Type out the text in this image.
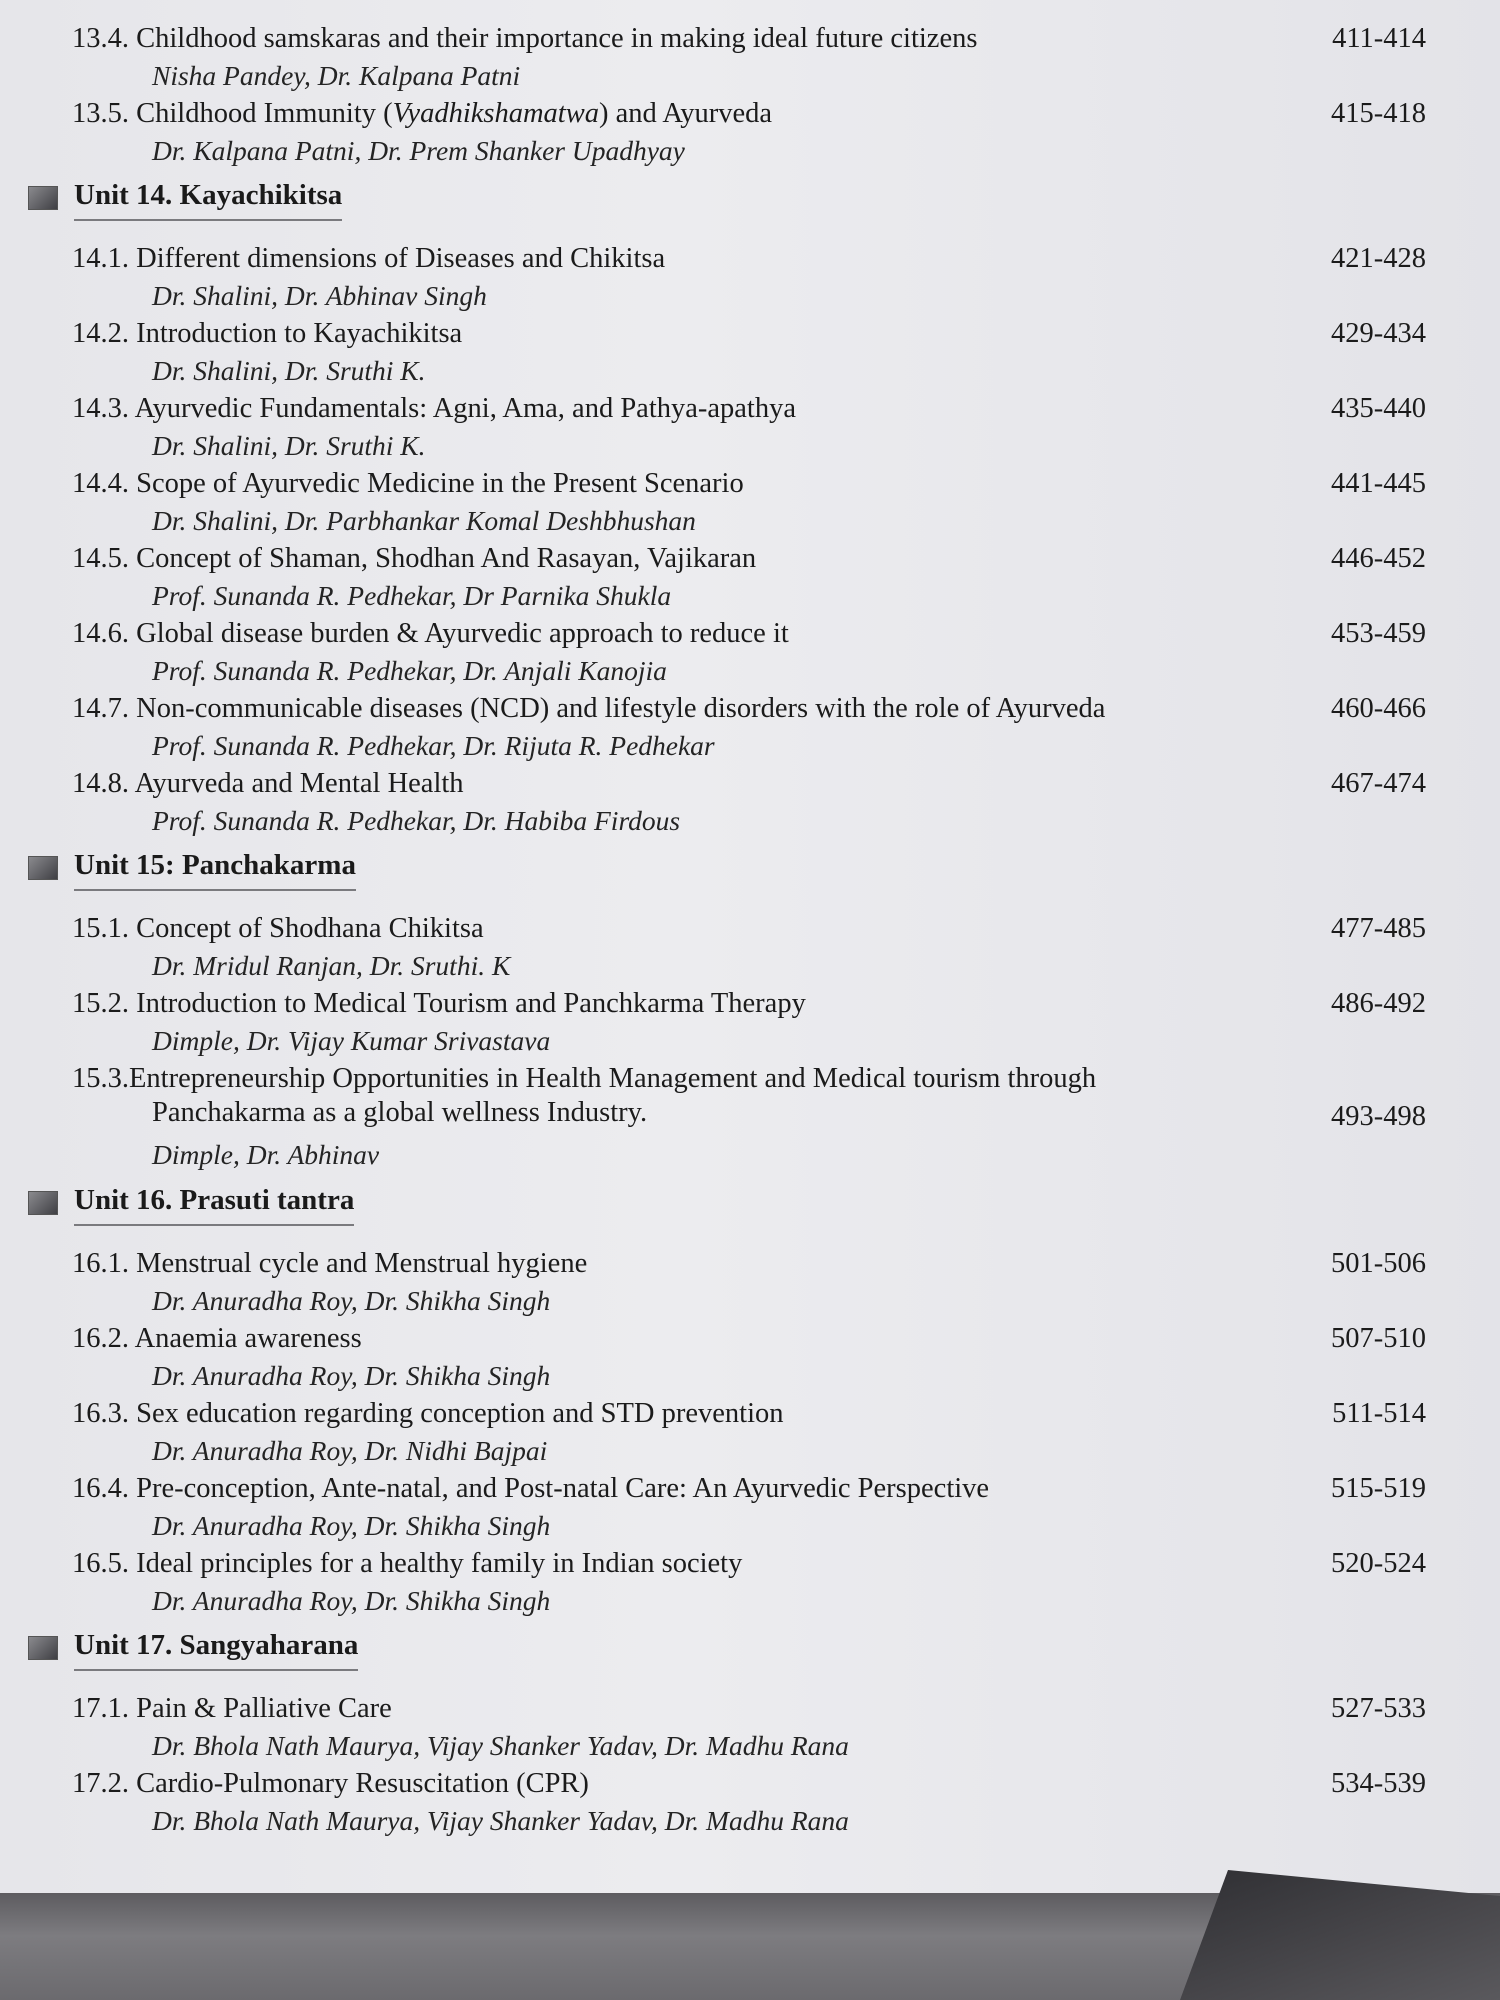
13.4. Childhood samskaras and their importance in making ideal future citizens	411-414
Nisha Pandey, Dr. Kalpana Patni
13.5. Childhood Immunity (Vyadhikshamatwa) and Ayurveda	415-418
Dr. Kalpana Patni, Dr. Prem Shanker Upadhyay
Unit 14. Kayachikitsa
14.1. Different dimensions of Diseases and Chikitsa	421-428
Dr. Shalini, Dr. Abhinav Singh
14.2. Introduction to Kayachikitsa	429-434
Dr. Shalini, Dr. Sruthi K.
14.3. Ayurvedic Fundamentals: Agni, Ama, and Pathya-apathya	435-440
Dr. Shalini, Dr. Sruthi K.
14.4. Scope of Ayurvedic Medicine in the Present Scenario	441-445
Dr. Shalini, Dr. Parbhankar Komal Deshbhushan
14.5. Concept of Shaman, Shodhan And Rasayan, Vajikaran	446-452
Prof. Sunanda R. Pedhekar, Dr Parnika Shukla
14.6. Global disease burden & Ayurvedic approach to reduce it	453-459
Prof. Sunanda R. Pedhekar, Dr. Anjali Kanojia
14.7. Non-communicable diseases (NCD) and lifestyle disorders with the role of Ayurveda	460-466
Prof. Sunanda R. Pedhekar, Dr. Rijuta R. Pedhekar
14.8. Ayurveda and Mental Health	467-474
Prof. Sunanda R. Pedhekar, Dr. Habiba Firdous
Unit 15: Panchakarma
15.1. Concept of Shodhana Chikitsa	477-485
Dr. Mridul Ranjan, Dr. Sruthi. K
15.2. Introduction to Medical Tourism and Panchkarma Therapy	486-492
Dimple, Dr. Vijay Kumar Srivastava
15.3.Entrepreneurship Opportunities in Health Management and Medical tourism through
Panchakarma as a global wellness Industry.	493-498
Dimple, Dr. Abhinav
Unit 16. Prasuti tantra
16.1. Menstrual cycle and Menstrual hygiene	501-506
Dr. Anuradha Roy, Dr. Shikha Singh
16.2. Anaemia awareness	507-510
Dr. Anuradha Roy, Dr. Shikha Singh
16.3. Sex education regarding conception and STD prevention	511-514
Dr. Anuradha Roy, Dr. Nidhi Bajpai
16.4. Pre-conception, Ante-natal, and Post-natal Care: An Ayurvedic Perspective	515-519
Dr. Anuradha Roy, Dr. Shikha Singh
16.5. Ideal principles for a healthy family in Indian society	520-524
Dr. Anuradha Roy, Dr. Shikha Singh
Unit 17. Sangyaharana
17.1. Pain & Palliative Care	527-533
Dr. Bhola Nath Maurya, Vijay Shanker Yadav, Dr. Madhu Rana
17.2. Cardio-Pulmonary Resuscitation (CPR)	534-539
Dr. Bhola Nath Maurya, Vijay Shanker Yadav, Dr. Madhu Rana
